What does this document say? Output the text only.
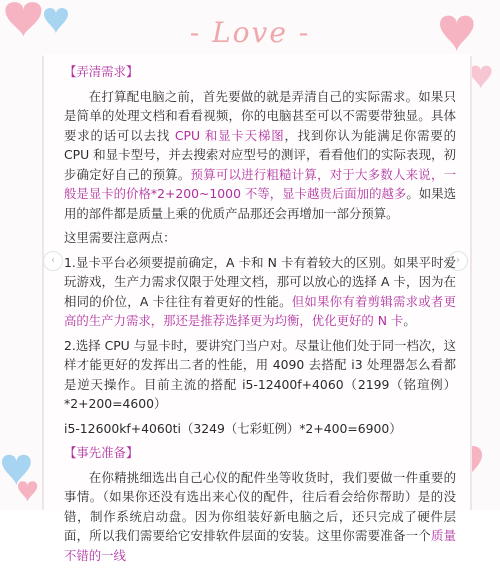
- Love -
‹	›

【弄清需求】

在打算配电脑之前，首先要做的就是弄清自己的实际需求。如果只是简单的处理文档和看看视频，你的电脑甚至可以不需要带独显。具体要求的话可以去找 CPU 和显卡天梯图，找到你认为能满足你需要的 CPU 和显卡型号，并去搜索对应型号的测评，看看他们的实际表现，初步确定好自己的预算。预算可以进行粗糙计算，对于大多数人来说，一般是显卡的价格*2+200~1000 不等，显卡越贵后面加的越多。如果选用的部件都是质量上乘的优质产品那还会再增加一部分预算。

这里需要注意两点：

1.显卡平台必须要提前确定，A 卡和 N 卡有着较大的区别。如果平时爱玩游戏，生产力需求仅限于处理文档，那可以放心的选择 A 卡，因为在相同的价位，A 卡往往有着更好的性能。但如果你有着剪辑需求或者更高的生产力需求，那还是推荐选择更为均衡，优化更好的 N 卡。

2.选择 CPU 与显卡时，要讲究门当户对。尽量让他们处于同一档次，这样才能更好的发挥出二者的性能，用 4090 去搭配 i3 处理器怎么看都是逆天操作。目前主流的搭配 i5-12400f+4060（2199（铭瑄例）*2+200=4600）

i5-12600kf+4060ti（3249（七彩虹例）*2+400=6900）

【事先准备】

在你精挑细选出自己心仪的配件坐等收货时，我们要做一件重要的事情。（如果你还没有选出来心仪的配件，往后看会给你帮助）是的没错，制作系统启动盘。因为你组装好新电脑之后，还只完成了硬件层面，所以我们需要给它安排软件层面的安装。这里你需要准备一个质量不错的一线
